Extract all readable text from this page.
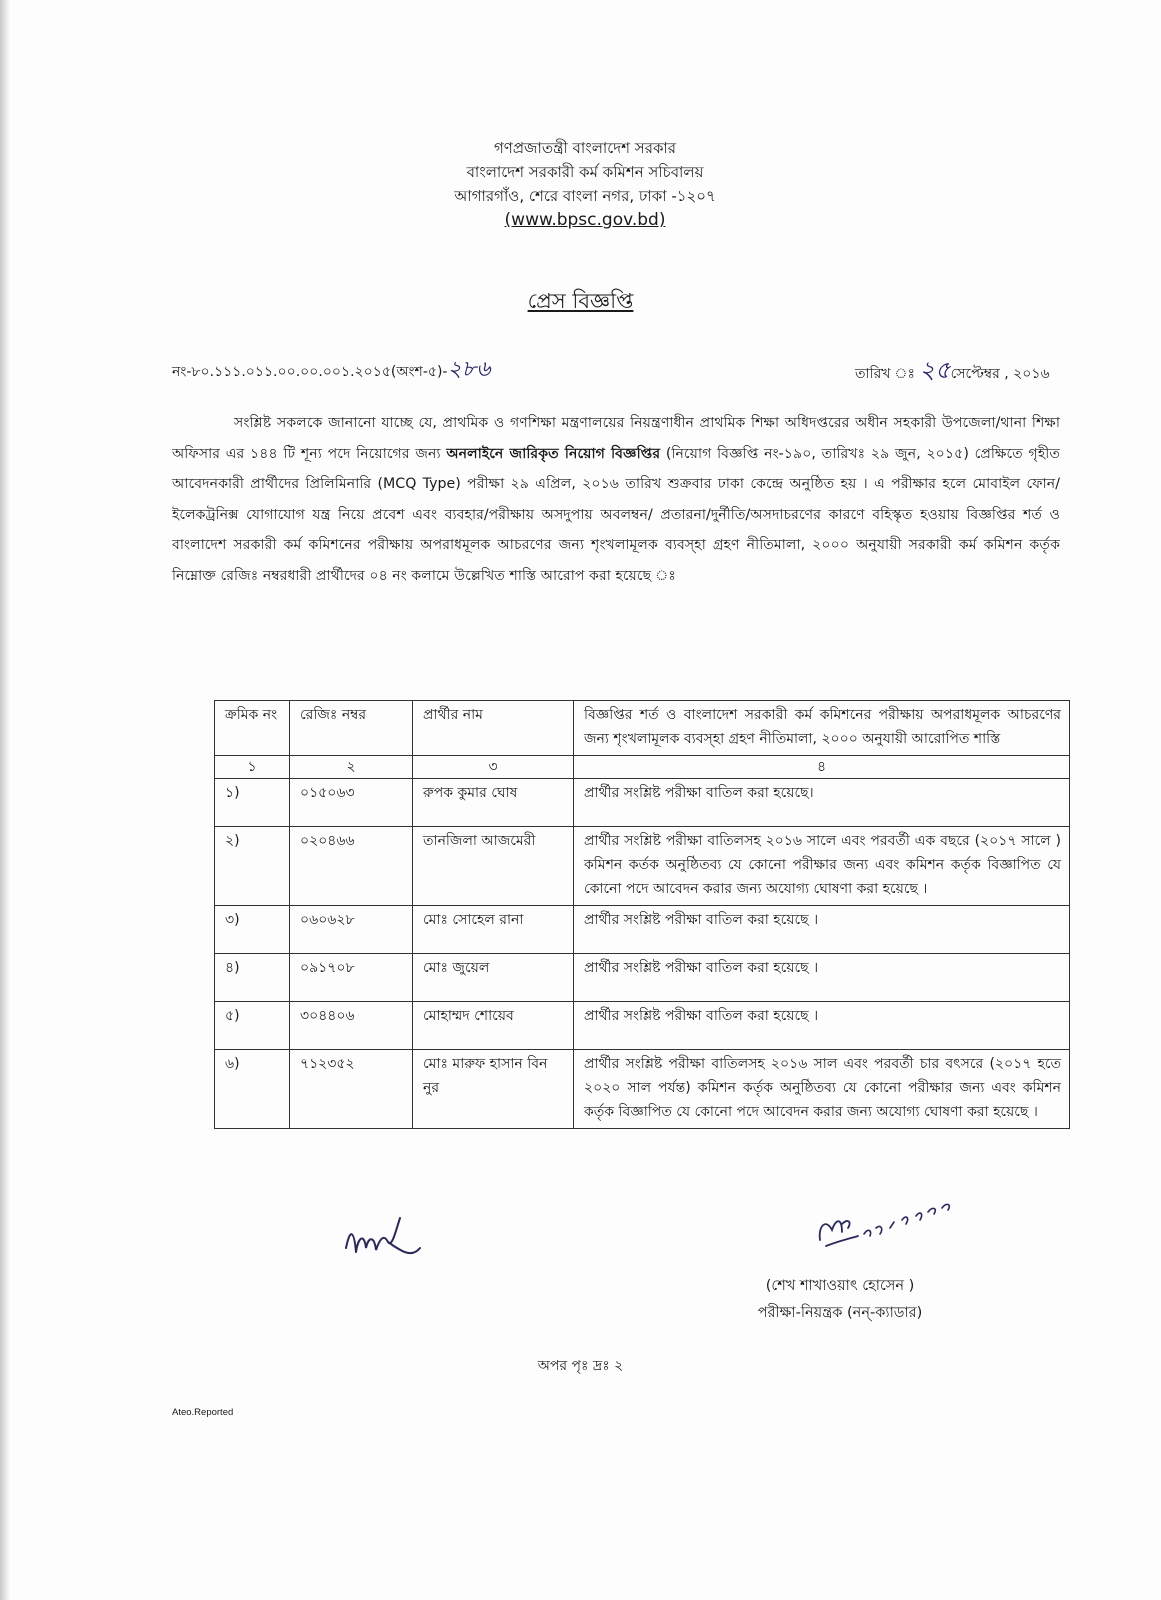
গণপ্রজাতন্ত্রী বাংলাদেশ সরকার
বাংলাদেশ সরকারী কর্ম কমিশন সচিবালয়
আগারগাঁও, শেরে বাংলা নগর, ঢাকা -১২০৭
(www.bpsc.gov.bd)
প্রেস বিজ্ঞপ্তি
নং-৮০.১১১.০১১.০০.০০.০০১.২০১৫(অংশ-৫)-২৮৬	তারিখ ঃ ২৫সেপ্টেম্বর , ২০১৬

সংশ্লিষ্ট সকলকে জানানো যাচ্ছে যে, প্রাথমিক ও গণশিক্ষা মন্ত্রণালয়ের নিয়ন্ত্রণাধীন প্রাথমিক শিক্ষা অধিদপ্তরের অধীন সহকারী উপজেলা/থানা শিক্ষা অফিসার এর ১৪৪ টি শূন্য পদে নিয়োগের জন্য অনলাইনে জারিকৃত নিয়োগ বিজ্ঞপ্তির (নিয়োগ বিজ্ঞপ্তি নং-১৯০, তারিখঃ ২৯ জুন, ২০১৫) প্রেক্ষিতে গৃহীত আবেদনকারী প্রার্থীদের প্রিলিমিনারি (MCQ Type) পরীক্ষা ২৯ এপ্রিল, ২০১৬ তারিখ শুক্রবার ঢাকা কেন্দ্রে অনুষ্ঠিত হয় । এ পরীক্ষার হলে মোবাইল ফোন/ইলেকট্রনিক্স যোগাযোগ যন্ত্র নিয়ে প্রবেশ এবং ব্যবহার/পরীক্ষায় অসদুপায় অবলম্বন/ প্রতারনা/দুর্নীতি/অসদাচরণের কারণে বহিস্কৃত হওয়ায় বিজ্ঞপ্তির শর্ত ও বাংলাদেশ সরকারী কর্ম কমিশনের পরীক্ষায় অপরাধমূলক আচরণের জন্য শৃংখলামূলক ব্যবস্হা গ্রহণ নীতিমালা, ২০০০ অনুযায়ী সরকারী কর্ম কমিশন কর্তৃক নিম্নোক্ত রেজিঃ নম্বরধারী প্রার্থীদের ০৪ নং কলামে উল্লেখিত শাস্তি আরোপ করা হয়েছে ঃ

ক্রমিক নং	রেজিঃ নম্বর	প্রার্থীর নাম	বিজ্ঞপ্তির শর্ত ও বাংলাদেশ সরকারী কর্ম কমিশনের পরীক্ষায় অপরাধমূলক আচরণের জন্য শৃংখলামূলক ব্যবস্হা গ্রহণ নীতিমালা, ২০০০ অনুযায়ী আরোপিত শাস্তি
১	২	৩	৪
১)	০১৫০৬৩	রুপক কুমার ঘোষ	প্রার্থীর সংশ্লিষ্ট পরীক্ষা বাতিল করা হয়েছে।
২)	০২০৪৬৬	তানজিলা আজমেরী	প্রার্থীর সংশ্লিষ্ট পরীক্ষা বাতিলসহ ২০১৬ সালে এবং পরবর্তী এক বছরে (২০১৭ সালে ) কমিশন কর্তক অনুষ্ঠিতব্য যে কোনো পরীক্ষার জন্য এবং কমিশন কর্তৃক বিজ্ঞাপিত যে কোনো পদে আবেদন করার জন্য অযোগ্য ঘোষণা করা হয়েছে ।
৩)	০৬০৬২৮	মোঃ সোহেল রানা	প্রার্থীর সংশ্লিষ্ট পরীক্ষা বাতিল করা হয়েছে ।
৪)	০৯১৭০৮	মোঃ জুয়েল	প্রার্থীর সংশ্লিষ্ট পরীক্ষা বাতিল করা হয়েছে ।
৫)	৩০৪৪০৬	মোহাম্মদ শোয়েব	প্রার্থীর সংশ্লিষ্ট পরীক্ষা বাতিল করা হয়েছে ।
৬)	৭১২৩৫২	মোঃ মারুফ হাসান বিন নুর	প্রার্থীর সংশ্লিষ্ট পরীক্ষা বাতিলসহ ২০১৬ সাল এবং পরবর্তী চার বৎসরে (২০১৭ হতে ২০২০ সাল পর্যন্ত) কমিশন কর্তৃক অনুষ্ঠিতব্য যে কোনো পরীক্ষার জন্য এবং কমিশন কর্তৃক বিজ্ঞাপিত যে কোনো পদে আবেদন করার জন্য অযোগ্য ঘোষণা করা হয়েছে ।
(শেখ শাখাওয়াৎ হোসেন )
পরীক্ষা-নিয়ন্ত্রক (নন্-ক্যাডার)
অপর পৃঃ দ্রঃ ২
Ateo.Reported
